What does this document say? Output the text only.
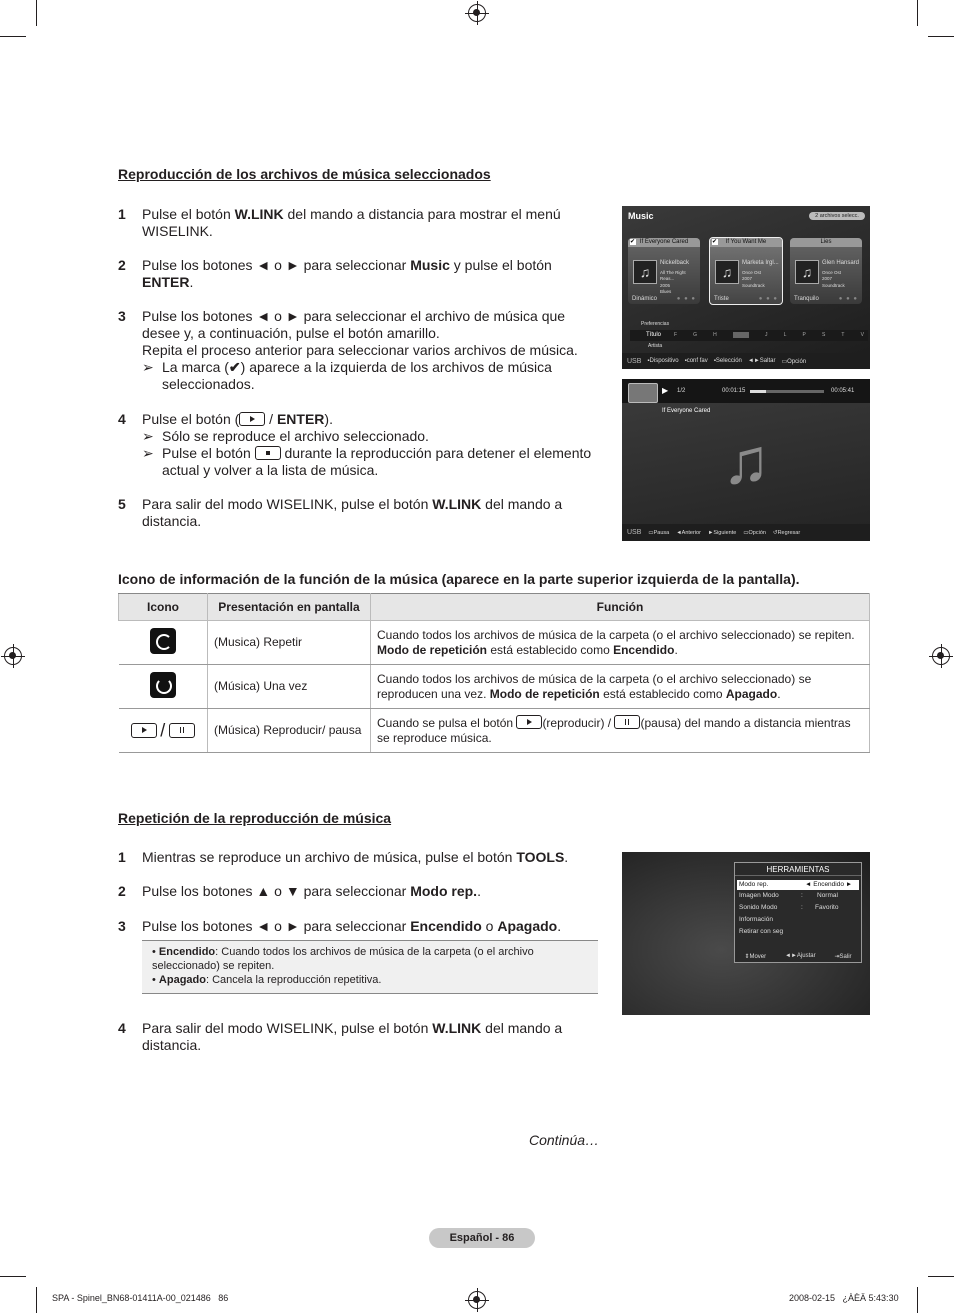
Reproducción de los archivos de música seleccionados
1	Pulse el botón W.LINK del mando a distancia para mostrar el menú WISELINK.
2	Pulse los botones ◄ o ► para seleccionar Music y pulse el botón ENTER.
3	Pulse los botones ◄ o ► para seleccionar el archivo de música que desee y, a continuación, pulse el botón amarillo.
Repita el proceso anterior para seleccionar varios archivos de música.
➢ La marca (✔) aparece a la izquierda de los archivos de música seleccionados.
4	Pulse el botón ( / ENTER).
➢ Sólo se reproduce el archivo seleccionado.
➢ Pulse el botón  durante la reproducción para detener el elemento actual y volver a la lista de música.
5	Para salir del modo WISELINK, pulse el botón W.LINK del mando a distancia.
Music	2 archivos selecc.
If Everyone Cared
✔
♫
Nickelback
All The Right Reas...
2005
Blues
Dinámico	● ● ●
If You Want Me
✔
♫
Marketa Irgl...
Once Ost
2007
Soundtrack
Triste	● ● ●
Lies
♫
Glen Hansard
Once Ost
2007
Soundtrack
Tranquilo	● ● ●
Preferencias
Título	F	G	H	J	L	P	S	T	V
Artista
USB ▪Dispositivo ▪conf fav ▪Selección ◄►Saltar ▭Opción
▶ 1/2	00:01:15	00:05:41
If Everyone Cared
♫
USB ▭Pausa ◄Anterior ►Siguiente ▭Opción ↺Regresar
Icono de información de la función de la música (aparece en la parte superior izquierda de la pantalla).
Icono	Presentación en pantalla	Función
	(Musica) Repetir	Cuando todos los archivos de música de la carpeta (o el archivo seleccionado) se repiten. Modo de repetición está establecido como Encendido.
	(Música) Una vez	Cuando todos los archivos de música de la carpeta (o el archivo seleccionado) se reproducen una vez. Modo de repetición está establecido como Apagado.
/	(Música) Reproducir/ pausa	Cuando se pulsa el botón (reproducir) / (pausa) del mando a distancia mientras se reproduce música.
Repetición de la reproducción de música
1	Mientras se reproduce un archivo de música, pulse el botón TOOLS.
2	Pulse los botones ▲ o ▼ para seleccionar Modo rep..
3	Pulse los botones ◄ o ► para seleccionar Encendido o Apagado.
• Encendido: Cuando todos los archivos de música de la carpeta (o el archivo seleccionado) se repiten.
• Apagado: Cancela la reproducción repetitiva.
4	Para salir del modo WISELINK, pulse el botón W.LINK del mando a distancia.
HERRAMIENTAS
Modo rep.	◄ Encendido ►
Imagen Modo	: Normal
Sonido Modo	: Favorito
Información
Retirar con seg
⇕Mover	◄►Ajustar	⇥Salir
Continúa…
Español - 86
SPA - Spinel_BN68-01411A-00_021486   86	2008-02-15   ¿ÀÈÄ 5:43:30
